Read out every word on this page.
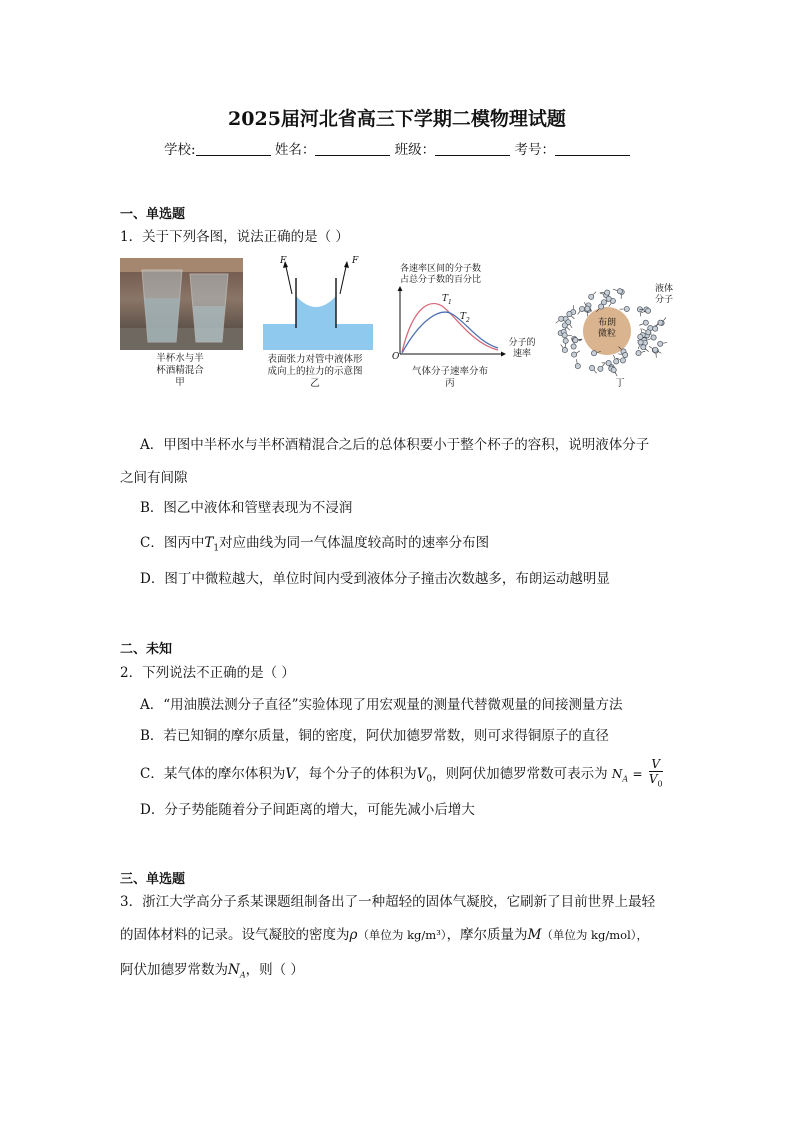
2025届河北省高三下学期二模物理试题
学校:	姓名：	班级：	考号：
一、单选题
1．关于下列各图，说法正确的是（ ）
半杯水与半
杯酒精混合
甲
F	F
表面张力对管中液体形
成向上的拉力的示意图
乙
各速率区间的分子数
占总分子数的百分比
O
$T_1$
$T_2$
分子的
速率
气体分子速率分布
丙
布朗
微粒
液体
分子
丁
A．甲图中半杯水与半杯酒精混合之后的总体积要小于整个杯子的容积，说明液体分子
之间有间隙
B．图乙中液体和管壁表现为不浸润
C．图丙中$T_1$对应曲线为同一气体温度较高时的速率分布图
D．图丁中微粒越大，单位时间内受到液体分子撞击次数越多，布朗运动越明显
二、未知
2．下列说法不正确的是（ ）
A．“用油膜法测分子直径”实验体现了用宏观量的测量代替微观量的间接测量方法
B．若已知铜的摩尔质量，铜的密度，阿伏加德罗常数，则可求得铜原子的直径
C．某气体的摩尔体积为V，每个分子的体积为$V_0$，则阿伏加德罗常数可表示为 $N_A = \frac{V}{V_0}$
D．分子势能随着分子间距离的增大，可能先减小后增大
三、单选题
3．浙江大学高分子系某课题组制备出了一种超轻的固体气凝胶，它刷新了目前世界上最轻
的固体材料的记录。设气凝胶的密度为ρ（单位为 kg/m³），摩尔质量为M（单位为 kg/mol），
阿伏加德罗常数为$N_A$，则（ ）
